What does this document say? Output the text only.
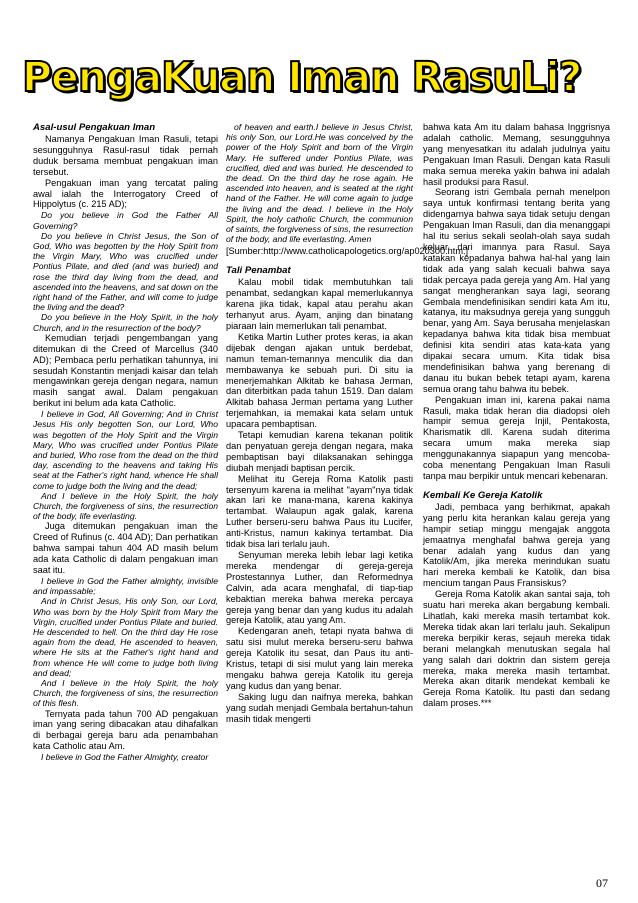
PengaKuan Iman RasuLi?
Asal-usul Pengakuan Iman

Namanya Pengakuan Iman Rasuli, tetapi sesungguhnya Rasul-rasul tidak pernah duduk bersama membuat pengakuan iman tersebut.

Pengakuan iman yang tercatat paling awal ialah the Interrogatory Creed of Hippolytus (c. 215 AD);

Do you believe in God the Father All Governing?

Do you believe in Christ Jesus, the Son of God, Who was begotten by the Holy Spirit from the Virgin Mary, Who was crucified under Pontius Pilate, and died (and was buried) and rose the third day living from the dead, and ascended into the heavens, and sat down on the right hand of the Father, and will come to judge the living and the dead?

Do you believe in the Holy Spirit, in the holy Church, and in the resurrection of the body?

Kemudian terjadi pengembangan yang ditemukan di the Creed of Marcellus (340 AD); Pembaca perlu perhatikan tahunnya, ini sesudah Konstantin menjadi kaisar dan telah mengawinkan gereja dengan negara, namun masih sangat awal. Dalam pengakuan berikut ini belum ada kata Catholic.

I believe in God, All Governing; And in Christ Jesus His only begotten Son, our Lord, Who was begotten of the Holy Spirit and the Virgin Mary, Who was crucified under Pontius Pilate and buried, Who rose from the dead on the third day, ascending to the heavens and taking His seat at the Father's right hand, whence He shall come to judge both the living and the dead;

And I believe in the Holy Spirit, the holy Church, the forgiveness of sins, the resurrection of the body, life everlasting.

Juga ditemukan pengakuan iman the Creed of Rufinus (c. 404 AD); Dan perhatikan bahwa sampai tahun 404 AD masih belum ada kata Catholic di dalam pengakuan iman saat itu.

I believe in God the Father almighty, invisible and impassable;

And in Christ Jesus, His only Son, our Lord, Who was born by the Holy Spirit from Mary the Virgin, crucified under Pontius Pilate and buried. He descended to hell. On the third day He rose again from the dead, He ascended to heaven, where He sits at the Father's right hand and from whence He will come to judge both living and dead;

And I believe in the Holy Spirit, the holy Church, the forgiveness of sins, the resurrection of this flesh.

Ternyata pada tahun 700 AD pengakuan iman yang sering dibacakan atau dihafalkan di berbagai gereja baru ada penambahan kata Catholic atau Am.

I believe in God the Father Almighty, creator

of heaven and earth.I believe in Jesus Christ, his only Son, our Lord.He was conceived by the power of the Holy Spirit and born of the Virgin Mary. He suffered under Pontius Pilate, was crucified, died and was buried. He descended to the dead. On the third day he rose again. He ascended into heaven, and is seated at the right hand of the Father. He will come again to judge the living and the dead. I believe in the Holy Spirit, the holy catholic Church, the communion of saints, the forgiveness of sins, the resurrection of the body, and life everlasting. Amen

[Sumber:http://www.catholicapologetics.org/ap020300.htm.]

Tali Penambat

Kalau mobil tidak membutuhkan tali penambat, sedangkan kapal memerlukannya karena jika tidak, kapal atau perahu akan terhanyut arus. Ayam, anjing dan binatang piaraan lain memerlukan tali penambat.

Ketika Martin Luther protes keras, ia akan dijebak dengan ajakan untuk berdebat, namun teman-temannya menculik dia dan membawanya ke sebuah puri. Di situ ia menerjemahkan Alkitab ke bahasa Jerman, dan diterbitkan pada tahun 1519. Dan dalam Alkitab bahasa Jerman pertama yang Luther terjemahkan, ia memakai kata selam untuk upacara pembaptisan.

Tetapi kemudian karena tekanan politik dan penyatuan gereja dengan negara, maka pembaptisan bayi dilaksanakan sehingga diubah menjadi baptisan percik.

Melihat itu Gereja Roma Katolik pasti tersenyum karena ia melihat "ayam"nya tidak akan lari ke mana-mana, karena kakinya tertambat. Walaupun agak galak, karena Luther berseru-seru bahwa Paus itu Lucifer, anti-Kristus, namun kakinya tertambat. Dia tidak bisa lari terlalu jauh.

Senyuman mereka lebih lebar lagi ketika mereka mendengar di gereja-gereja Prostestannya Luther, dan Reformednya Calvin, ada acara menghafal, di tiap-tiap kebaktian mereka bahwa mereka percaya gereja yang benar dan yang kudus itu adalah gereja Katolik, atau yang Am.

Kedengaran aneh, tetapi nyata bahwa di satu sisi mulut mereka berseru-seru bahwa gereja Katolik itu sesat, dan Paus itu anti-Kristus, tetapi di sisi mulut yang lain mereka mengaku bahwa gereja Katolik itu gereja yang kudus dan yang benar.

Saking lugu dan naifnya mereka, bahkan yang sudah menjadi Gembala bertahun-tahun masih tidak mengerti

bahwa kata Am itu dalam bahasa Inggrisnya adalah catholic. Memang, sesungguhnya yang menyesatkan itu adalah judulnya yaitu Pengakuan Iman Rasuli. Dengan kata Rasuli maka semua mereka yakin bahwa ini adalah hasil produksi para Rasul.

Seorang istri Gembala pernah menelpon saya untuk konfirmasi tentang berita yang didengarnya bahwa saya tidak setuju dengan Pengakuan Iman Rasuli, dan dia menanggapi hal itu serius sekali seolah-olah saya sudah keluar dari imannya para Rasul. Saya katakan kepadanya bahwa hal-hal yang lain tidak ada yang salah kecuali bahwa saya tidak percaya pada gereja yang Am. Hal yang sangat mengherankan saya lagi, seorang Gembala mendefinisikan sendiri kata Am itu, katanya, itu maksudnya gereja yang sungguh benar, yang Am. Saya berusaha menjelaskan kepadanya bahwa kita tidak bisa membuat definisi kita sendiri atas kata-kata yang dipakai secara umum. Kita tidak bisa mendefinisikan bahwa yang berenang di danau itu bukan bebek tetapi ayam, karena semua orang tahu bahwa itu bebek.

Pengakuan iman ini, karena pakai nama Rasuli, maka tidak heran dia diadopsi oleh hampir semua gereja Injil, Pentakosta, Kharismatik dll. Karena sudah diterima secara umum maka mereka siap menggunakannya siapapun yang mencoba-coba menentang Pengakuan Iman Rasuli tanpa mau berpikir untuk mencari kebenaran.

Kembali Ke Gereja Katolik

Jadi, pembaca yang berhikmat, apakah yang perlu kita herankan kalau gereja yang hampir setiap minggu mengajak anggota jemaatnya menghafal bahwa gereja yang benar adalah yang kudus dan yang Katolik/Am, jika mereka merindukan suatu hari mereka kembali ke Katolik, dan bisa mencium tangan Paus Fransiskus?

Gereja Roma Katolik akan santai saja, toh suatu hari mereka akan bergabung kembali. Lihatlah, kaki mereka masih tertambat kok. Mereka tidak akan lari terlalu jauh. Sekalipun mereka berpikir keras, sejauh mereka tidak berani melangkah menutuskan segala hal yang salah dari doktrin dan sistem gereja mereka, maka mereka masih tertambat. Mereka akan ditarik mendekat kembali ke Gereja Roma Katolik. Itu pasti dan sedang dalam proses.***

07
